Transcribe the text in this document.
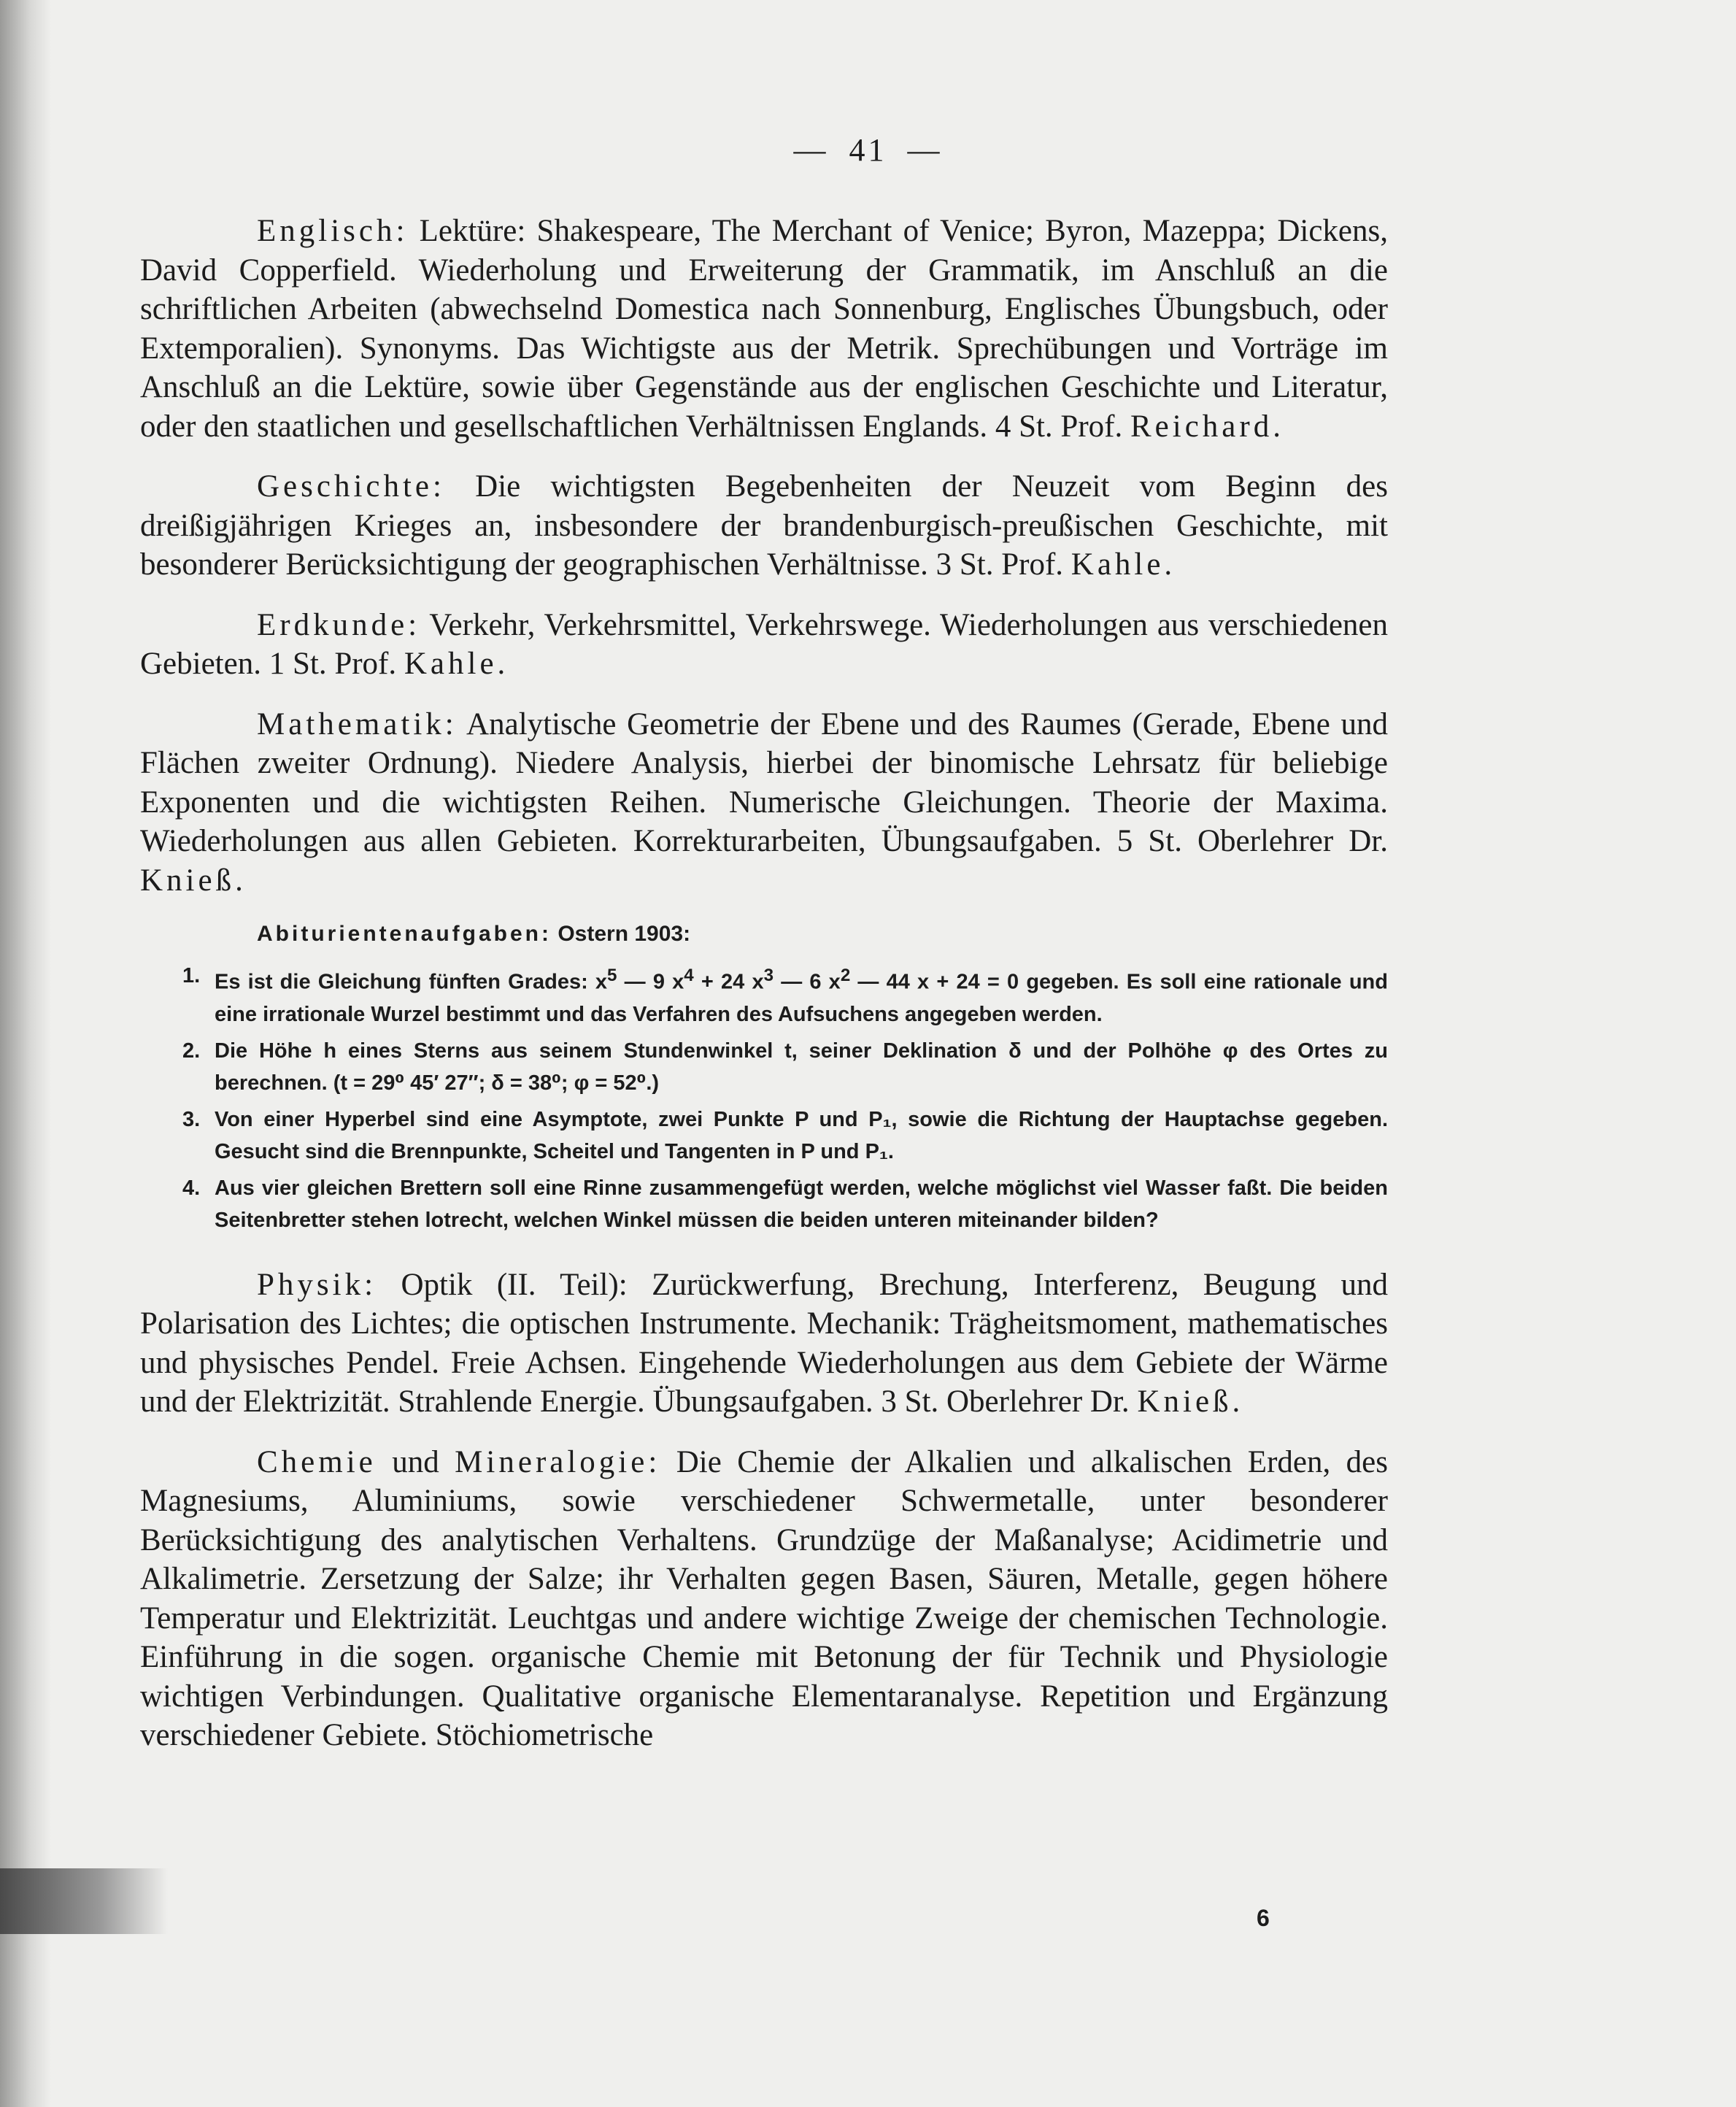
— 41 —

Englisch: Lektüre: Shakespeare, The Merchant of Venice; Byron, Mazeppa; Dickens, David Copperfield. Wiederholung und Erweiterung der Grammatik, im Anschluß an die schriftlichen Arbeiten (abwechselnd Domestica nach Sonnenburg, Englisches Übungsbuch, oder Extemporalien). Synonyms. Das Wichtigste aus der Metrik. Sprechübungen und Vorträge im Anschluß an die Lektüre, sowie über Gegenstände aus der englischen Geschichte und Literatur, oder den staatlichen und gesellschaftlichen Verhältnissen Englands. 4 St. Prof. Reichard.

Geschichte: Die wichtigsten Begebenheiten der Neuzeit vom Beginn des dreißigjährigen Krieges an, insbesondere der brandenburgisch-preußischen Geschichte, mit besonderer Berücksichtigung der geographischen Verhältnisse. 3 St. Prof. Kahle.

Erdkunde: Verkehr, Verkehrsmittel, Verkehrswege. Wiederholungen aus verschiedenen Gebieten. 1 St. Prof. Kahle.

Mathematik: Analytische Geometrie der Ebene und des Raumes (Gerade, Ebene und Flächen zweiter Ordnung). Niedere Analysis, hierbei der binomische Lehrsatz für beliebige Exponenten und die wichtigsten Reihen. Numerische Gleichungen. Theorie der Maxima. Wiederholungen aus allen Gebieten. Korrekturarbeiten, Übungsaufgaben. 5 St. Oberlehrer Dr. Knieß.

Abiturientenaufgaben: Ostern 1903:
1. Es ist die Gleichung fünften Grades: $x^5$ — 9 $x^4 + 24$ $x^3$ — 6 $x^2$ — 44 x + 24 = 0 gegeben. Es soll eine rationale und eine irrationale Wurzel bestimmt und das Verfahren des Aufsuchens angegeben werden.
2. Die Höhe h eines Sterns aus seinem Stundenwinkel t, seiner Deklination δ und der Polhöhe φ des Ortes zu berechnen. (t = 29⁰ 45′ 27″; δ = 38⁰; φ = 52⁰.)
3. Von einer Hyperbel sind eine Asymptote, zwei Punkte P und P₁, sowie die Richtung der Hauptachse gegeben. Gesucht sind die Brennpunkte, Scheitel und Tangenten in P und P₁.
4. Aus vier gleichen Brettern soll eine Rinne zusammengefügt werden, welche möglichst viel Wasser faßt. Die beiden Seitenbretter stehen lotrecht, welchen Winkel müssen die beiden unteren miteinander bilden?

Physik: Optik (II. Teil): Zurückwerfung, Brechung, Interferenz, Beugung und Polarisation des Lichtes; die optischen Instrumente. Mechanik: Trägheitsmoment, mathematisches und physisches Pendel. Freie Achsen. Eingehende Wiederholungen aus dem Gebiete der Wärme und der Elektrizität. Strahlende Energie. Übungsaufgaben. 3 St. Oberlehrer Dr. Knieß.

Chemie und Mineralogie: Die Chemie der Alkalien und alkalischen Erden, des Magnesiums, Aluminiums, sowie verschiedener Schwermetalle, unter besonderer Berücksichtigung des analytischen Verhaltens. Grundzüge der Maßanalyse; Acidimetrie und Alkalimetrie. Zersetzung der Salze; ihr Verhalten gegen Basen, Säuren, Metalle, gegen höhere Temperatur und Elektrizität. Leuchtgas und andere wichtige Zweige der chemischen Technologie. Einführung in die sogen. organische Chemie mit Betonung der für Technik und Physiologie wichtigen Verbindungen. Qualitative organische Elementaranalyse. Repetition und Ergänzung verschiedener Gebiete. Stöchiometrische

6
